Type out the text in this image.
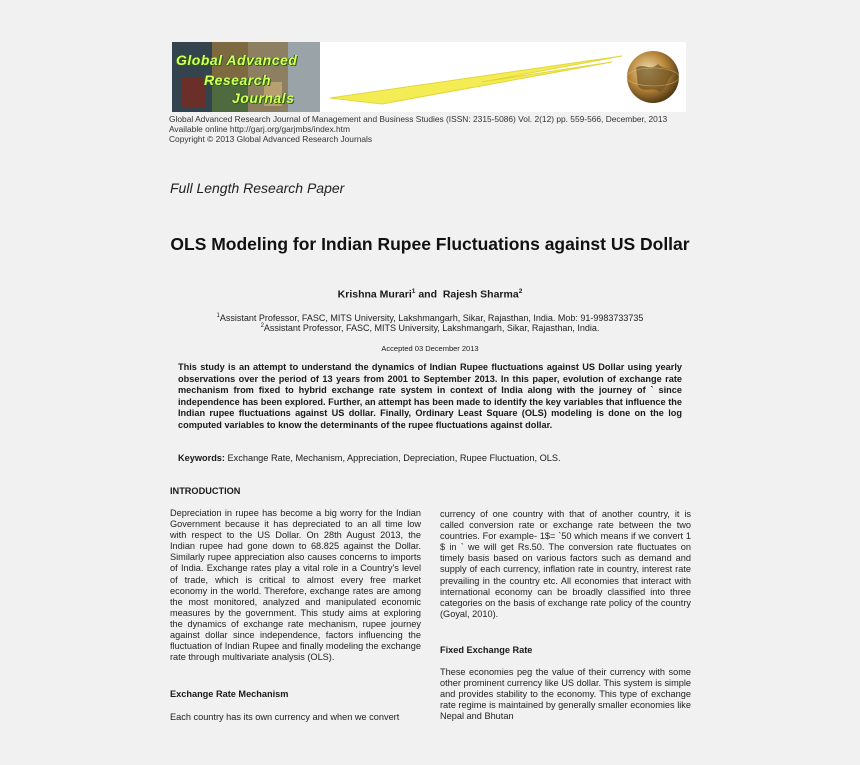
Global Advanced
Research
Journals
Global Advanced Research Journal of Management and Business Studies (ISSN: 2315-5086) Vol. 2(12) pp. 559-566, December, 2013
Available online http://garj.org/garjmbs/index.htm
Copyright © 2013 Global Advanced Research Journals
Full Length Research Paper
OLS Modeling for Indian Rupee Fluctuations against US Dollar
Krishna Murari$^1$ and  Rajesh Sharma$^2$
$^1$Assistant Professor, FASC, MITS University, Lakshmangarh, Sikar, Rajasthan, India. Mob: 91-9983733735
$^2$Assistant Professor, FASC, MITS University, Lakshmangarh, Sikar, Rajasthan, India.
Accepted 03 December 2013
This study is an attempt to understand the dynamics of Indian Rupee fluctuations against US Dollar using yearly observations over the period of 13 years from 2001 to September 2013. In this paper, evolution of exchange rate mechanism from fixed to hybrid exchange rate system in context of India along with the journey of ` since independence has been explored. Further, an attempt has been made to identify the key variables that influence the Indian rupee fluctuations against US dollar. Finally, Ordinary Least Square (OLS) modeling is done on the log computed variables to know the determinants of the rupee fluctuations against dollar.
Keywords: Exchange Rate, Mechanism, Appreciation, Depreciation, Rupee Fluctuation, OLS.
INTRODUCTION
Depreciation in rupee has become a big worry for the Indian Government because it has depreciated to an all time low with respect to the US Dollar. On 28th August 2013, the Indian rupee had gone down to 68.825 against the Dollar. Similarly rupee appreciation also causes concerns to imports of India. Exchange rates play a vital role in a Country's level of trade, which is critical to almost every free market economy in the world. Therefore, exchange rates are among the most monitored, analyzed and manipulated economic measures by the government. This study aims at exploring the dynamics of exchange rate mechanism, rupee journey against dollar since independence, factors influencing the fluctuation of Indian Rupee and finally modeling the exchange rate through multivariate analysis (OLS).
Exchange Rate Mechanism
Each country has its own currency and when we convert
currency of one country with that of another country, it is called conversion rate or exchange rate between the two countries. For example- 1$= `50 which means if we convert 1 $ in ` we will get Rs.50. The conversion rate fluctuates on timely basis based on various factors such as demand and supply of each currency, inflation rate in country, interest rate prevailing in the country etc. All economies that interact with international economy can be broadly classified into three categories on the basis of exchange rate policy of the country (Goyal, 2010).
Fixed Exchange Rate
These economies peg the value of their currency with some other prominent currency like US dollar. This system is simple and provides stability to the economy. This type of exchange rate regime is maintained by generally smaller economies like Nepal and Bhutan
